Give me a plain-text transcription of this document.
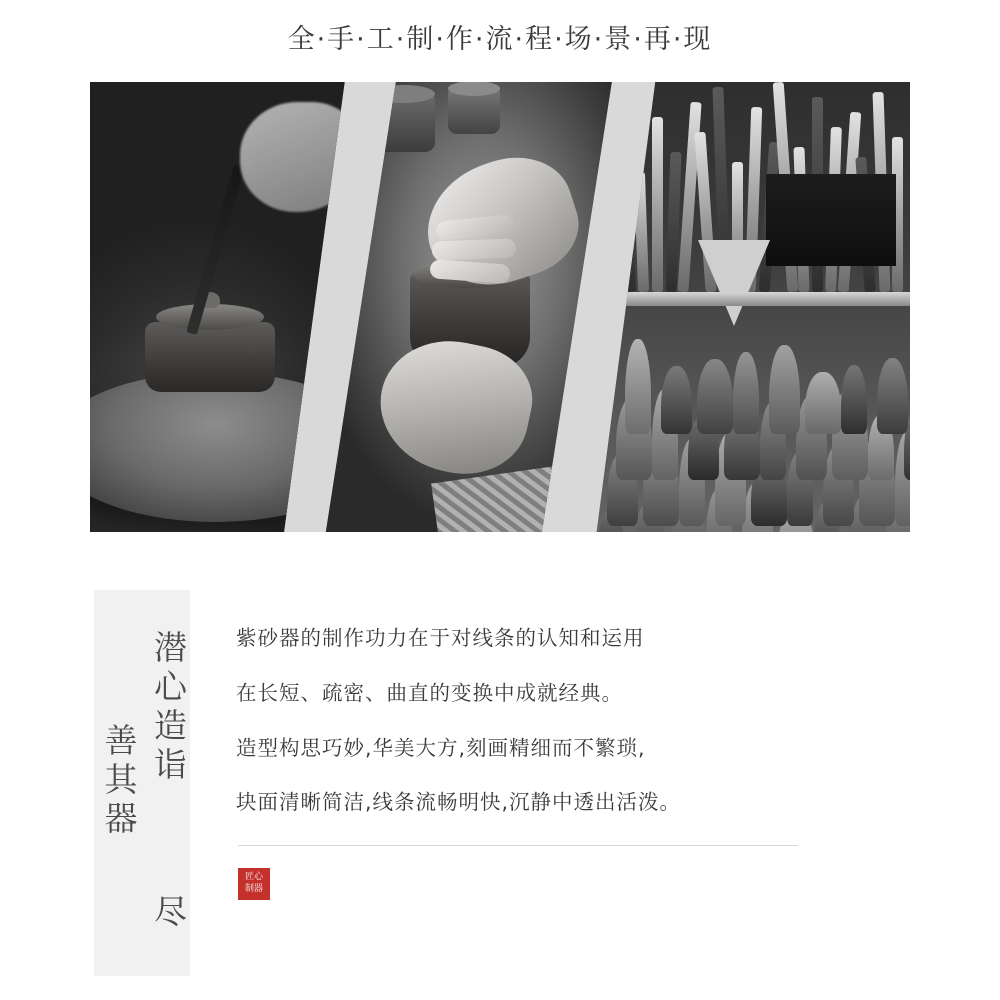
全·手·工·制·作·流·程·场·景·再·现
潜心造诣  尽善其器
紫砂器的制作功力在于对线条的认知和运用
在长短、疏密、曲直的变换中成就经典。
造型构思巧妙,华美大方,刻画精细而不繁琐,
块面清晰简洁,线条流畅明快,沉静中透出活泼。
匠心制器
